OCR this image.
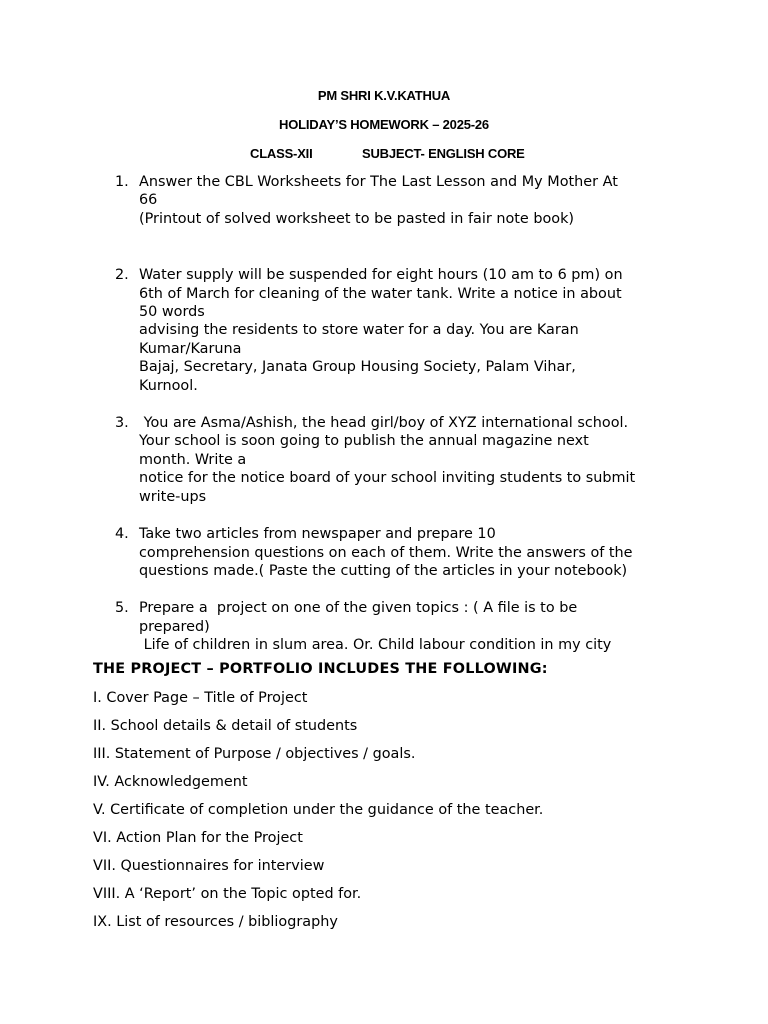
PM SHRI K.V.KATHUA
HOLIDAY’S HOMEWORK – 2025-26
CLASS-XII	SUBJECT- ENGLISH CORE
1. Answer the CBL Worksheets for The Last Lesson and My Mother At
66
(Printout of solved worksheet to be pasted in fair note book)
2. Water supply will be suspended for eight hours (10 am to 6 pm) on
6th of March for cleaning of the water tank. Write a notice in about
50 words
advising the residents to store water for a day. You are Karan
Kumar/Karuna
Bajaj, Secretary, Janata Group Housing Society, Palam Vihar,
Kurnool.
3. You are Asma/Ashish, the head girl/boy of XYZ international school.
Your school is soon going to publish the annual magazine next
month. Write a
notice for the notice board of your school inviting students to submit
write-ups
4. Take two articles from newspaper and prepare 10
comprehension questions on each of them. Write the answers of the
questions made.( Paste the cutting of the articles in your notebook)
5. Prepare a  project on one of the given topics : ( A file is to be
prepared)
Life of children in slum area. Or. Child labour condition in my city
THE PROJECT – PORTFOLIO INCLUDES THE FOLLOWING:
I. Cover Page – Title of Project
II. School details & detail of students
III. Statement of Purpose / objectives / goals.
IV. Acknowledgement
V. Certificate of completion under the guidance of the teacher.
VI. Action Plan for the Project
VII. Questionnaires for interview
VIII. A ‘Report’ on the Topic opted for.
IX. List of resources / bibliography
